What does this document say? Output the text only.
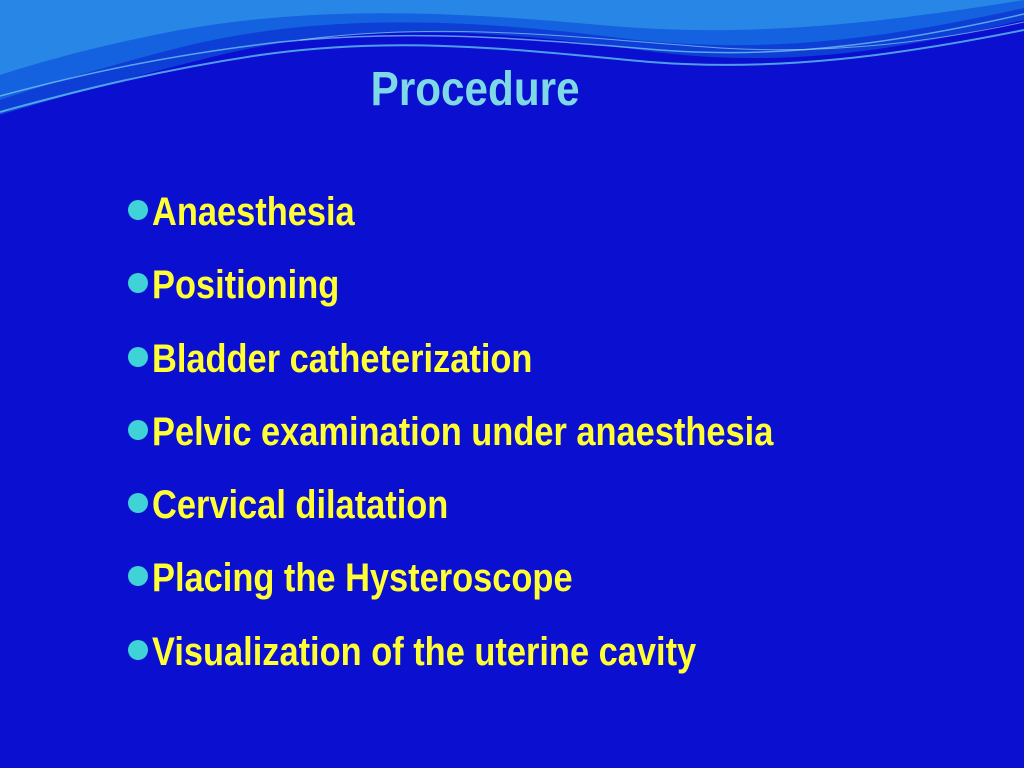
Procedure
Anaesthesia
Positioning
Bladder catheterization
Pelvic examination under anaesthesia
Cervical dilatation
Placing the Hysteroscope
Visualization of the uterine cavity
